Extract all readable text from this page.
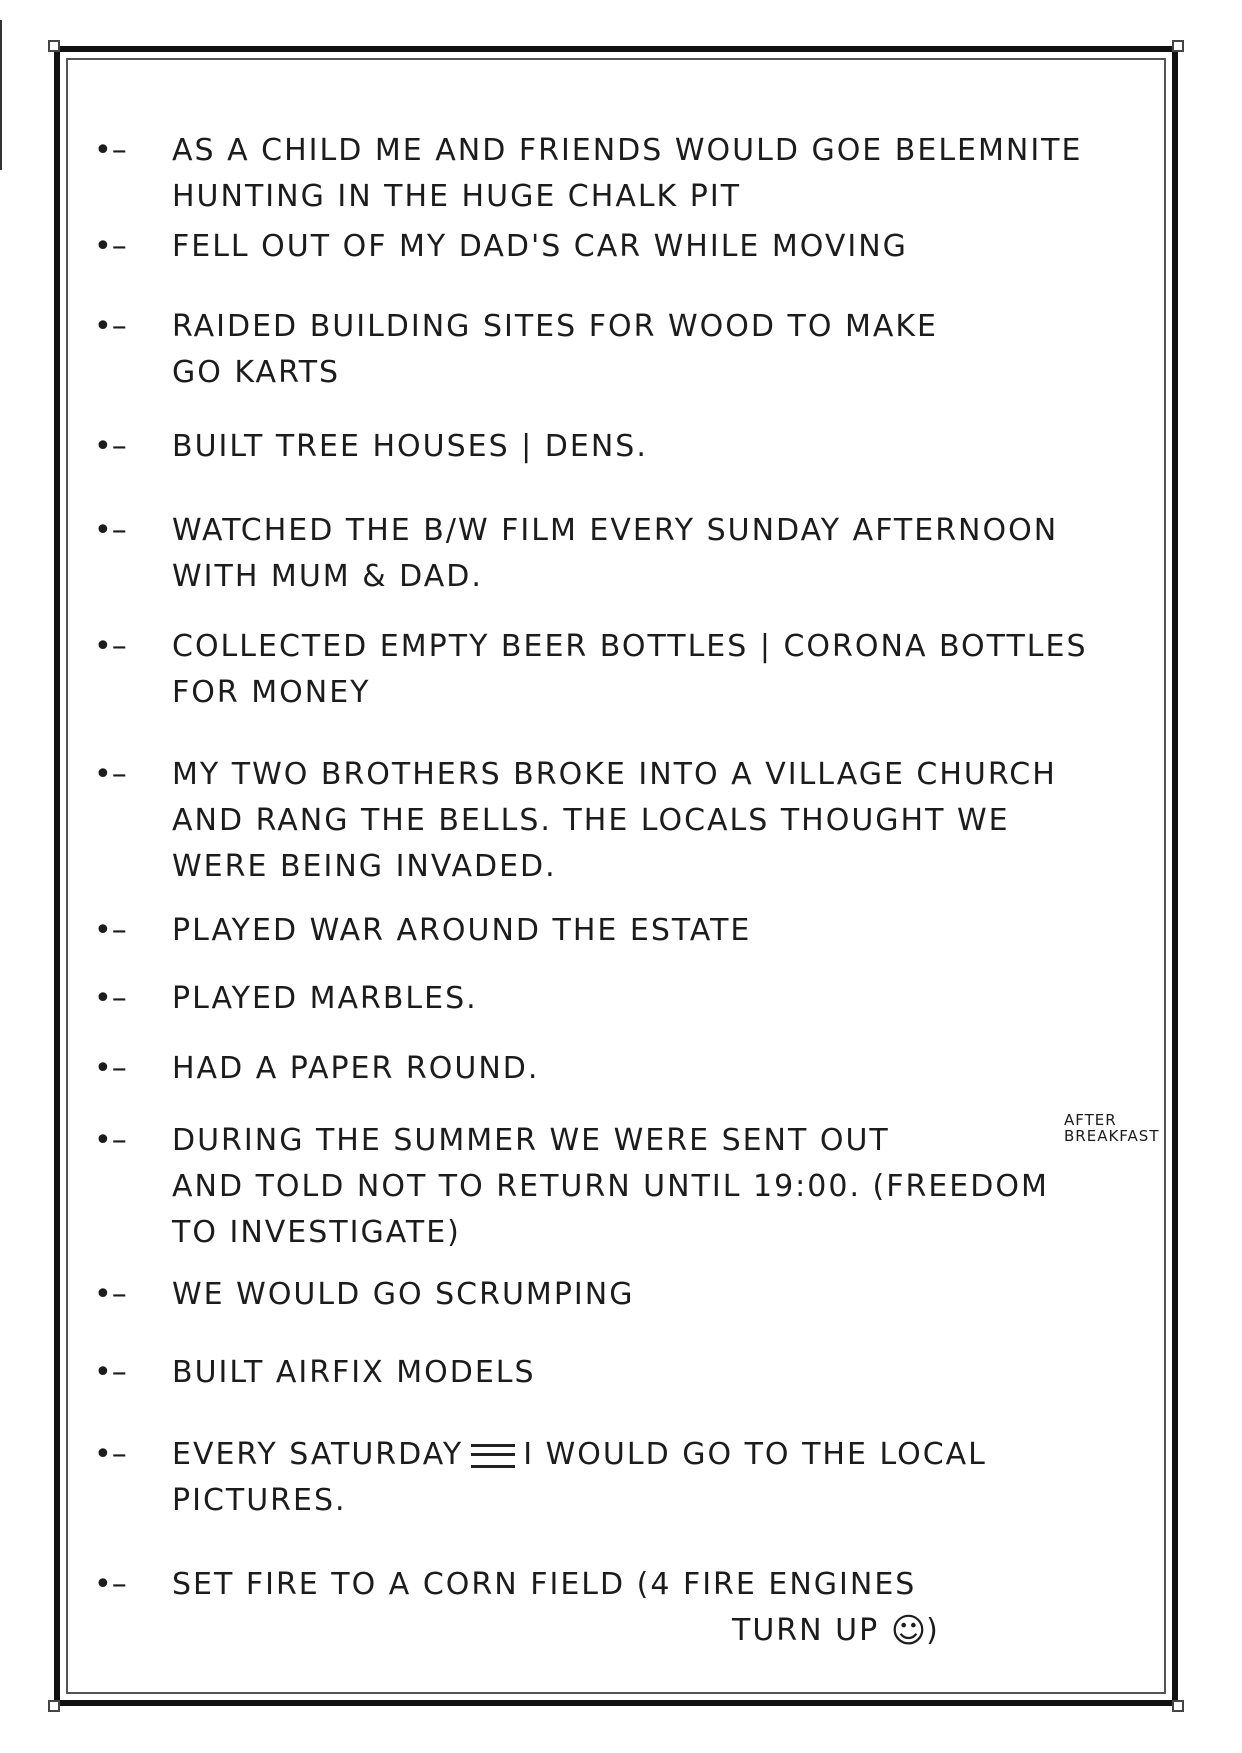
•– AS A CHILD ME AND FRIENDS WOULD GOE BELEMNITE
HUNTING IN THE HUGE CHALK PIT
•– FELL OUT OF MY DAD'S CAR WHILE MOVING
•– RAIDED BUILDING SITES FOR WOOD TO MAKE
GO KARTS
•– BUILT TREE HOUSES | DENS.
•– WATCHED THE B/W FILM EVERY SUNDAY AFTERNOON
WITH MUM & DAD.
•– COLLECTED EMPTY BEER BOTTLES | CORONA BOTTLES
FOR MONEY
•– MY TWO BROTHERS BROKE INTO A VILLAGE CHURCH
AND RANG THE BELLS. THE LOCALS THOUGHT WE
WERE BEING INVADED.
•– PLAYED WAR AROUND THE ESTATE
•– PLAYED MARBLES.
•– HAD A PAPER ROUND.
•– DURING THE SUMMER WE WERE SENT OUT
AND TOLD NOT TO RETURN UNTIL 19:00. (FREEDOM
TO INVESTIGATE)
AFTER
BREAKFAST
•– WE WOULD GO SCRUMPING
•– BUILT AIRFIX MODELS
•– EVERY SATURDAY I WOULD GO TO THE LOCAL
PICTURES.
•– SET FIRE TO A CORN FIELD (4 FIRE ENGINES
TURN UP ☺)
